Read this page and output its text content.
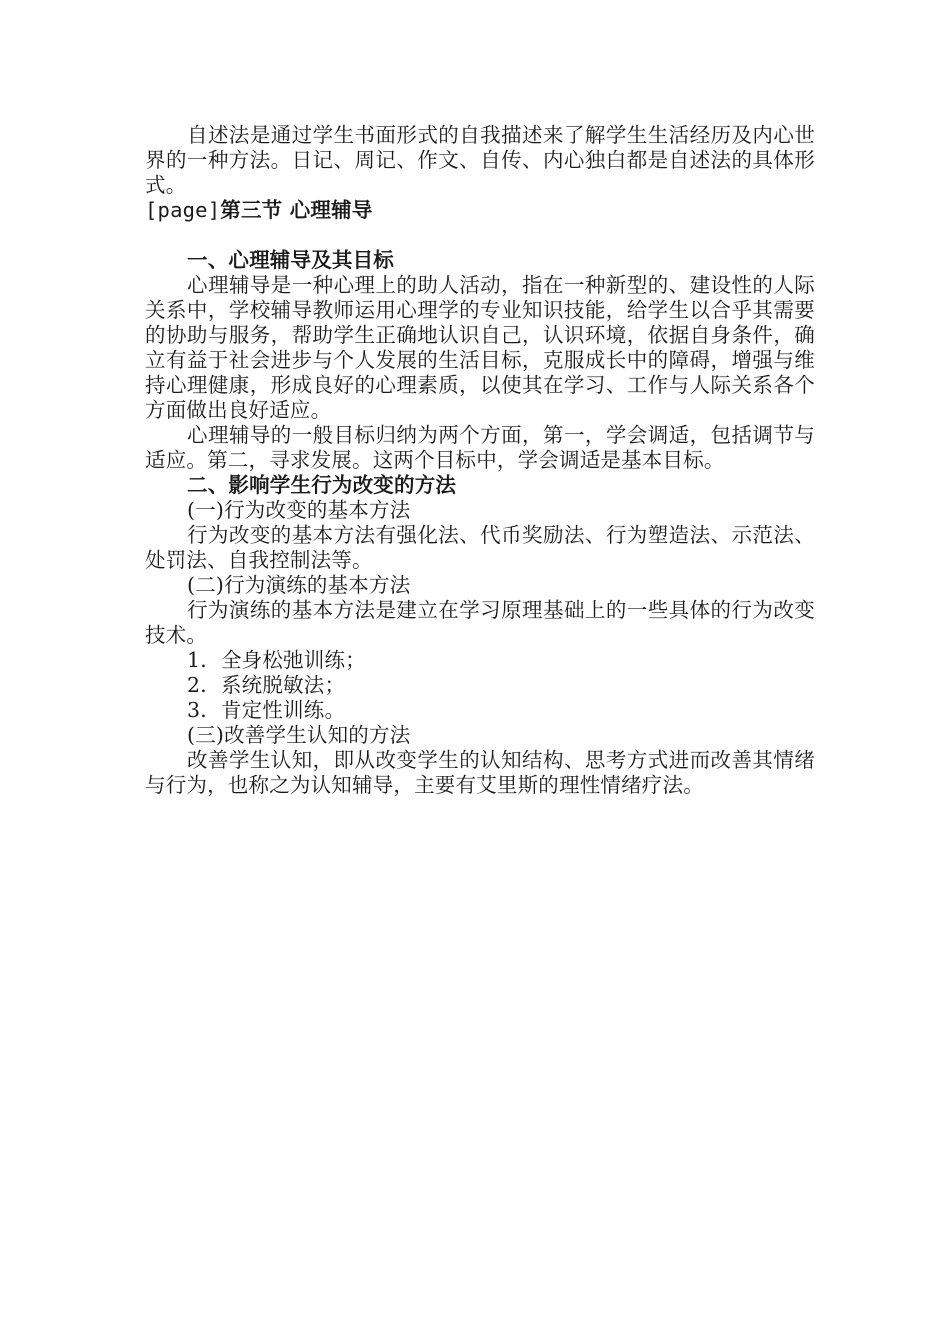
自述法是通过学生书面形式的自我描述来了解学生生活经历及内心世界的一种方法。日记、周记、作文、自传、内心独白都是自述法的具体形式。

[page]第三节 心理辅导

一、心理辅导及其目标

心理辅导是一种心理上的助人活动，指在一种新型的、建设性的人际关系中，学校辅导教师运用心理学的专业知识技能，给学生以合乎其需要的协助与服务，帮助学生正确地认识自己，认识环境，依据自身条件，确立有益于社会进步与个人发展的生活目标，克服成长中的障碍，增强与维持心理健康，形成良好的心理素质，以使其在学习、工作与人际关系各个方面做出良好适应。

心理辅导的一般目标归纳为两个方面，第一，学会调适，包括调节与适应。第二，寻求发展。这两个目标中，学会调适是基本目标。

二、影响学生行为改变的方法

(一)行为改变的基本方法

行为改变的基本方法有强化法、代币奖励法、行为塑造法、示范法、处罚法、自我控制法等。

(二)行为演练的基本方法

行为演练的基本方法是建立在学习原理基础上的一些具体的行为改变技术。

1．全身松弛训练；

2．系统脱敏法；

3．肯定性训练。

(三)改善学生认知的方法

改善学生认知，即从改变学生的认知结构、思考方式进而改善其情绪与行为，也称之为认知辅导，主要有艾里斯的理性情绪疗法。
